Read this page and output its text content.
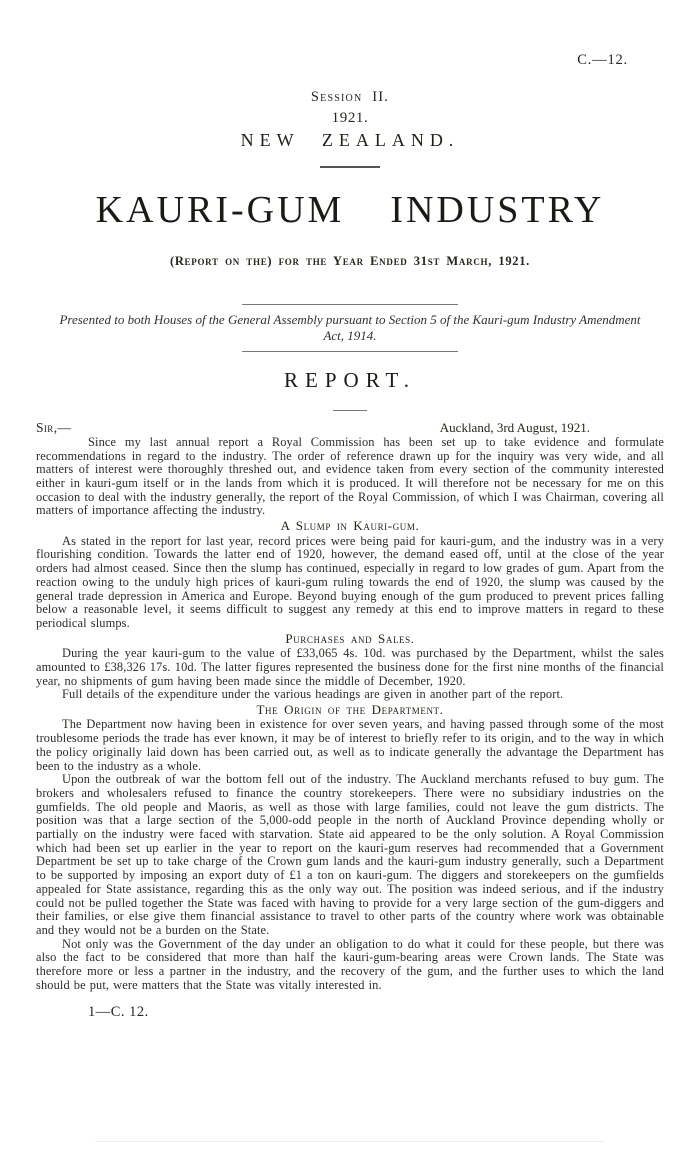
C.—12.
Session II.
1921.
NEW ZEALAND.
KAURI-GUM INDUSTRY
(Report on the) for the Year Ended 31st March, 1921.
Presented to both Houses of the General Assembly pursuant to Section 5 of the Kauri-gum Industry Amendment Act, 1914.
REPORT.
Sir,—	Auckland, 3rd August, 1921.

Since my last annual report a Royal Commission has been set up to take evidence and formulate recommendations in regard to the industry. The order of reference drawn up for the inquiry was very wide, and all matters of interest were thoroughly threshed out, and evidence taken from every section of the community interested either in kauri-gum itself or in the lands from which it is produced. It will therefore not be necessary for me on this occasion to deal with the industry generally, the report of the Royal Commission, of which I was Chairman, covering all matters of importance affecting the industry.

A Slump in Kauri-gum.

As stated in the report for last year, record prices were being paid for kauri-gum, and the industry was in a very flourishing condition. Towards the latter end of 1920, however, the demand eased off, until at the close of the year orders had almost ceased. Since then the slump has continued, especially in regard to low grades of gum. Apart from the reaction owing to the unduly high prices of kauri-gum ruling towards the end of 1920, the slump was caused by the general trade depression in America and Europe. Beyond buying enough of the gum produced to prevent prices falling below a reasonable level, it seems difficult to suggest any remedy at this end to improve matters in regard to these periodical slumps.

Purchases and Sales.

During the year kauri-gum to the value of £33,065 4s. 10d. was purchased by the Department, whilst the sales amounted to £38,326 17s. 10d. The latter figures represented the business done for the first nine months of the financial year, no shipments of gum having been made since the middle of December, 1920.

Full details of the expenditure under the various headings are given in another part of the report.

The Origin of the Department.

The Department now having been in existence for over seven years, and having passed through some of the most troublesome periods the trade has ever known, it may be of interest to briefly refer to its origin, and to the way in which the policy originally laid down has been carried out, as well as to indicate generally the advantage the Department has been to the industry as a whole.

Upon the outbreak of war the bottom fell out of the industry. The Auckland merchants refused to buy gum. The brokers and wholesalers refused to finance the country storekeepers. There were no subsidiary industries on the gumfields. The old people and Maoris, as well as those with large families, could not leave the gum districts. The position was that a large section of the 5,000-odd people in the north of Auckland Province depending wholly or partially on the industry were faced with starvation. State aid appeared to be the only solution. A Royal Commission which had been set up earlier in the year to report on the kauri-gum reserves had recommended that a Government Department be set up to take charge of the Crown gum lands and the kauri-gum industry generally, such a Department to be supported by imposing an export duty of £1 a ton on kauri-gum. The diggers and storekeepers on the gumfields appealed for State assistance, regarding this as the only way out. The position was indeed serious, and if the industry could not be pulled together the State was faced with having to provide for a very large section of the gum-diggers and their families, or else give them financial assistance to travel to other parts of the country where work was obtainable and they would not be a burden on the State.

Not only was the Government of the day under an obligation to do what it could for these people, but there was also the fact to be considered that more than half the kauri-gum-bearing areas were Crown lands. The State was therefore more or less a partner in the industry, and the recovery of the gum, and the further uses to which the land should be put, were matters that the State was vitally interested in.

1—C. 12.
